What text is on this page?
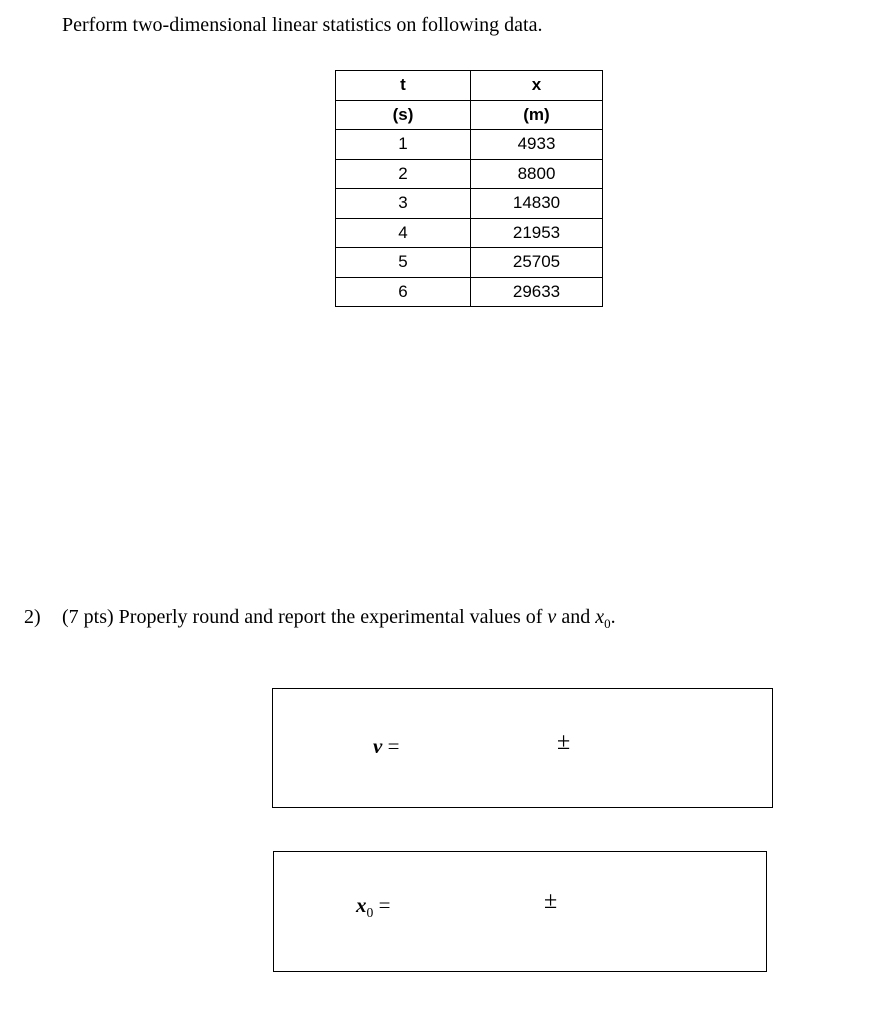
Perform two-dimensional linear statistics on following data.

t	x
(s)	(m)
1	4933
2	8800
3	14830
4	21953
5	25705
6	29633

2) (7 pts) Properly round and report the experimental values of v and $x_0$.

v =	±
$x_0$ =	±
